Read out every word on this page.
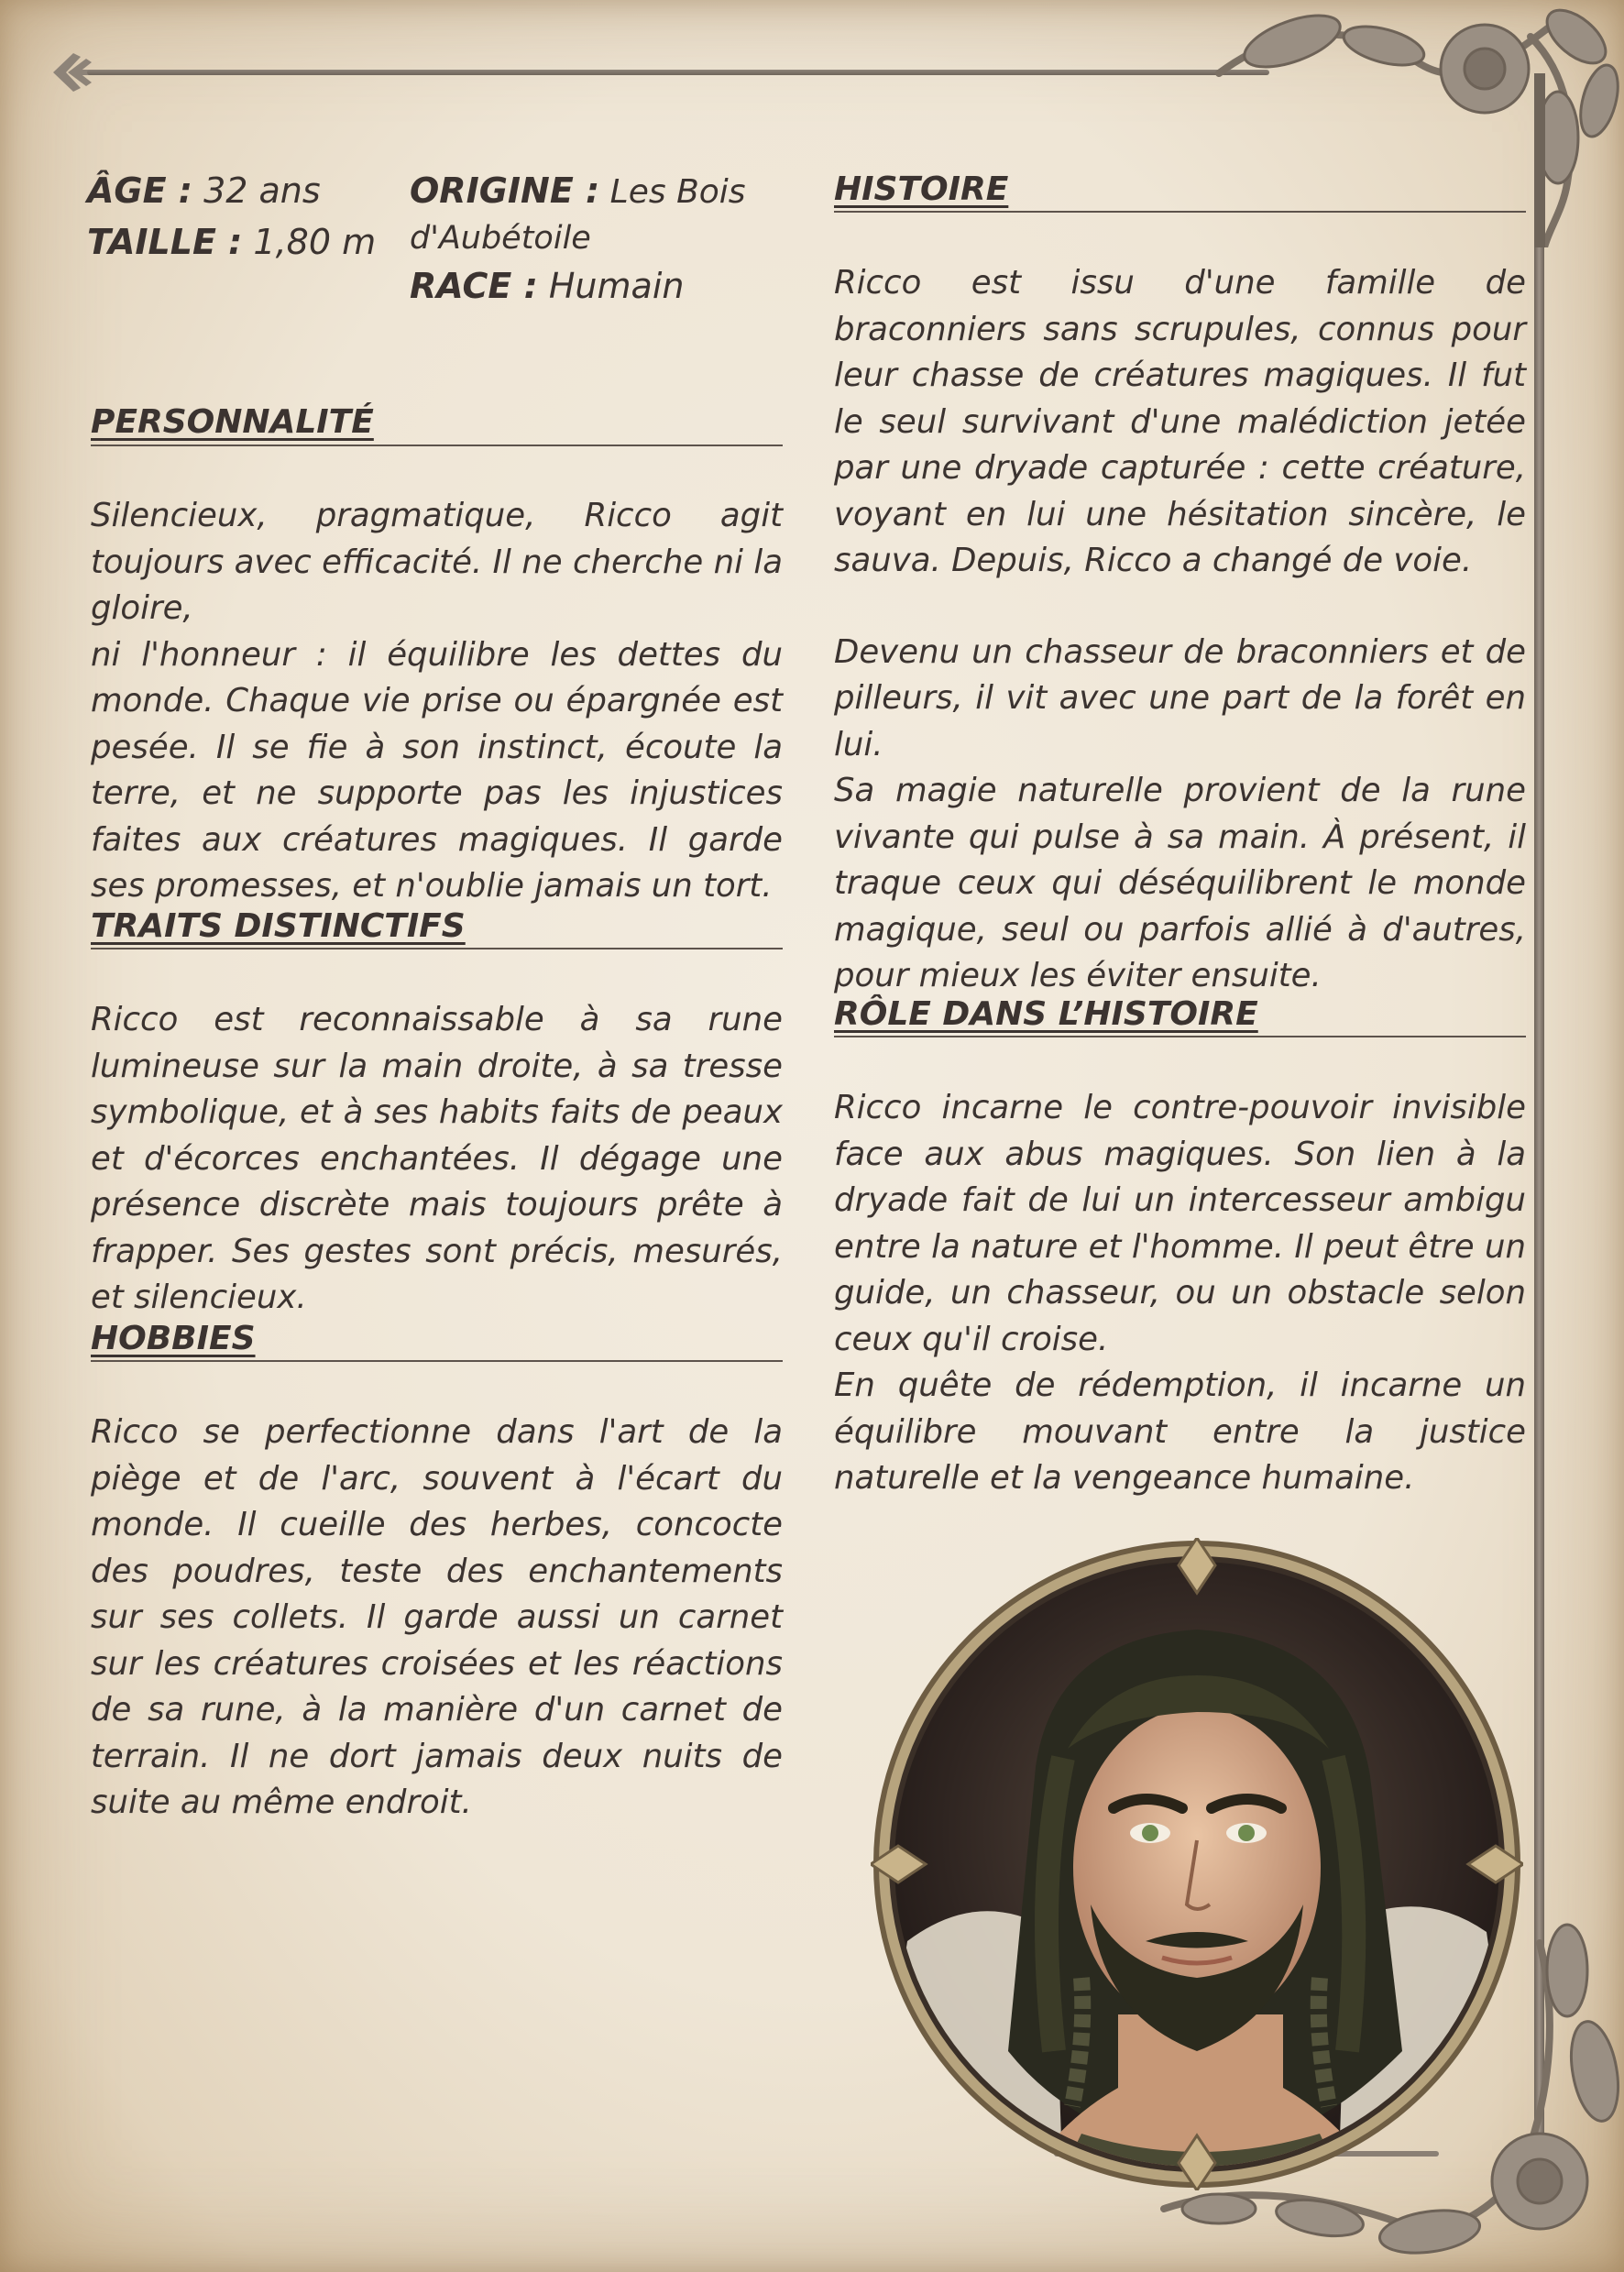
ÂGE : 32 ans
TAILLE : 1,80 m
ORIGINE : Les Bois
d'Aubétoile
RACE : Humain
PERSONNALITÉ

Silencieux, pragmatique, Ricco agit toujours avec efficacité. Il ne cherche ni la gloire,

ni l'honneur : il équilibre les dettes du monde. Chaque vie prise ou épargnée est pesée. Il se fie à son instinct, écoute la terre, et ne supporte pas les injustices faites aux créatures magiques. Il garde ses promesses, et n'oublie jamais un tort.

TRAITS DISTINCTIFS

Ricco est reconnaissable à sa rune lumineuse sur la main droite, à sa tresse symbolique, et à ses habits faits de peaux et d'écorces enchantées. Il dégage une présence discrète mais toujours prête à frapper. Ses gestes sont précis, mesurés, et silencieux.

HOBBIES

Ricco se perfectionne dans l'art de la piège et de l'arc, souvent à l'écart du monde. Il cueille des herbes, concocte des poudres, teste des enchantements sur ses collets. Il garde aussi un carnet sur les créatures croisées et les réactions de sa rune, à la manière d'un carnet de terrain. Il ne dort jamais deux nuits de suite au même endroit.

HISTOIRE

Ricco est issu d'une famille de braconniers sans scrupules, connus pour leur chasse de créatures magiques. Il fut le seul survivant d'une malédiction jetée par une dryade capturée : cette créature, voyant en lui une hésitation sincère, le sauva. Depuis, Ricco a changé de voie.

Devenu un chasseur de braconniers et de pilleurs, il vit avec une part de la forêt en lui.

Sa magie naturelle provient de la rune vivante qui pulse à sa main. À présent, il traque ceux qui déséquilibrent le monde magique, seul ou parfois allié à d'autres, pour mieux les éviter ensuite.

RÔLE DANS L’HISTOIRE

Ricco incarne le contre-pouvoir invisible face aux abus magiques. Son lien à la dryade fait de lui un intercesseur ambigu entre la nature et l'homme. Il peut être un guide, un chasseur, ou un obstacle selon ceux qu'il croise.

En quête de rédemption, il incarne un équilibre mouvant entre la justice naturelle et la vengeance humaine.
